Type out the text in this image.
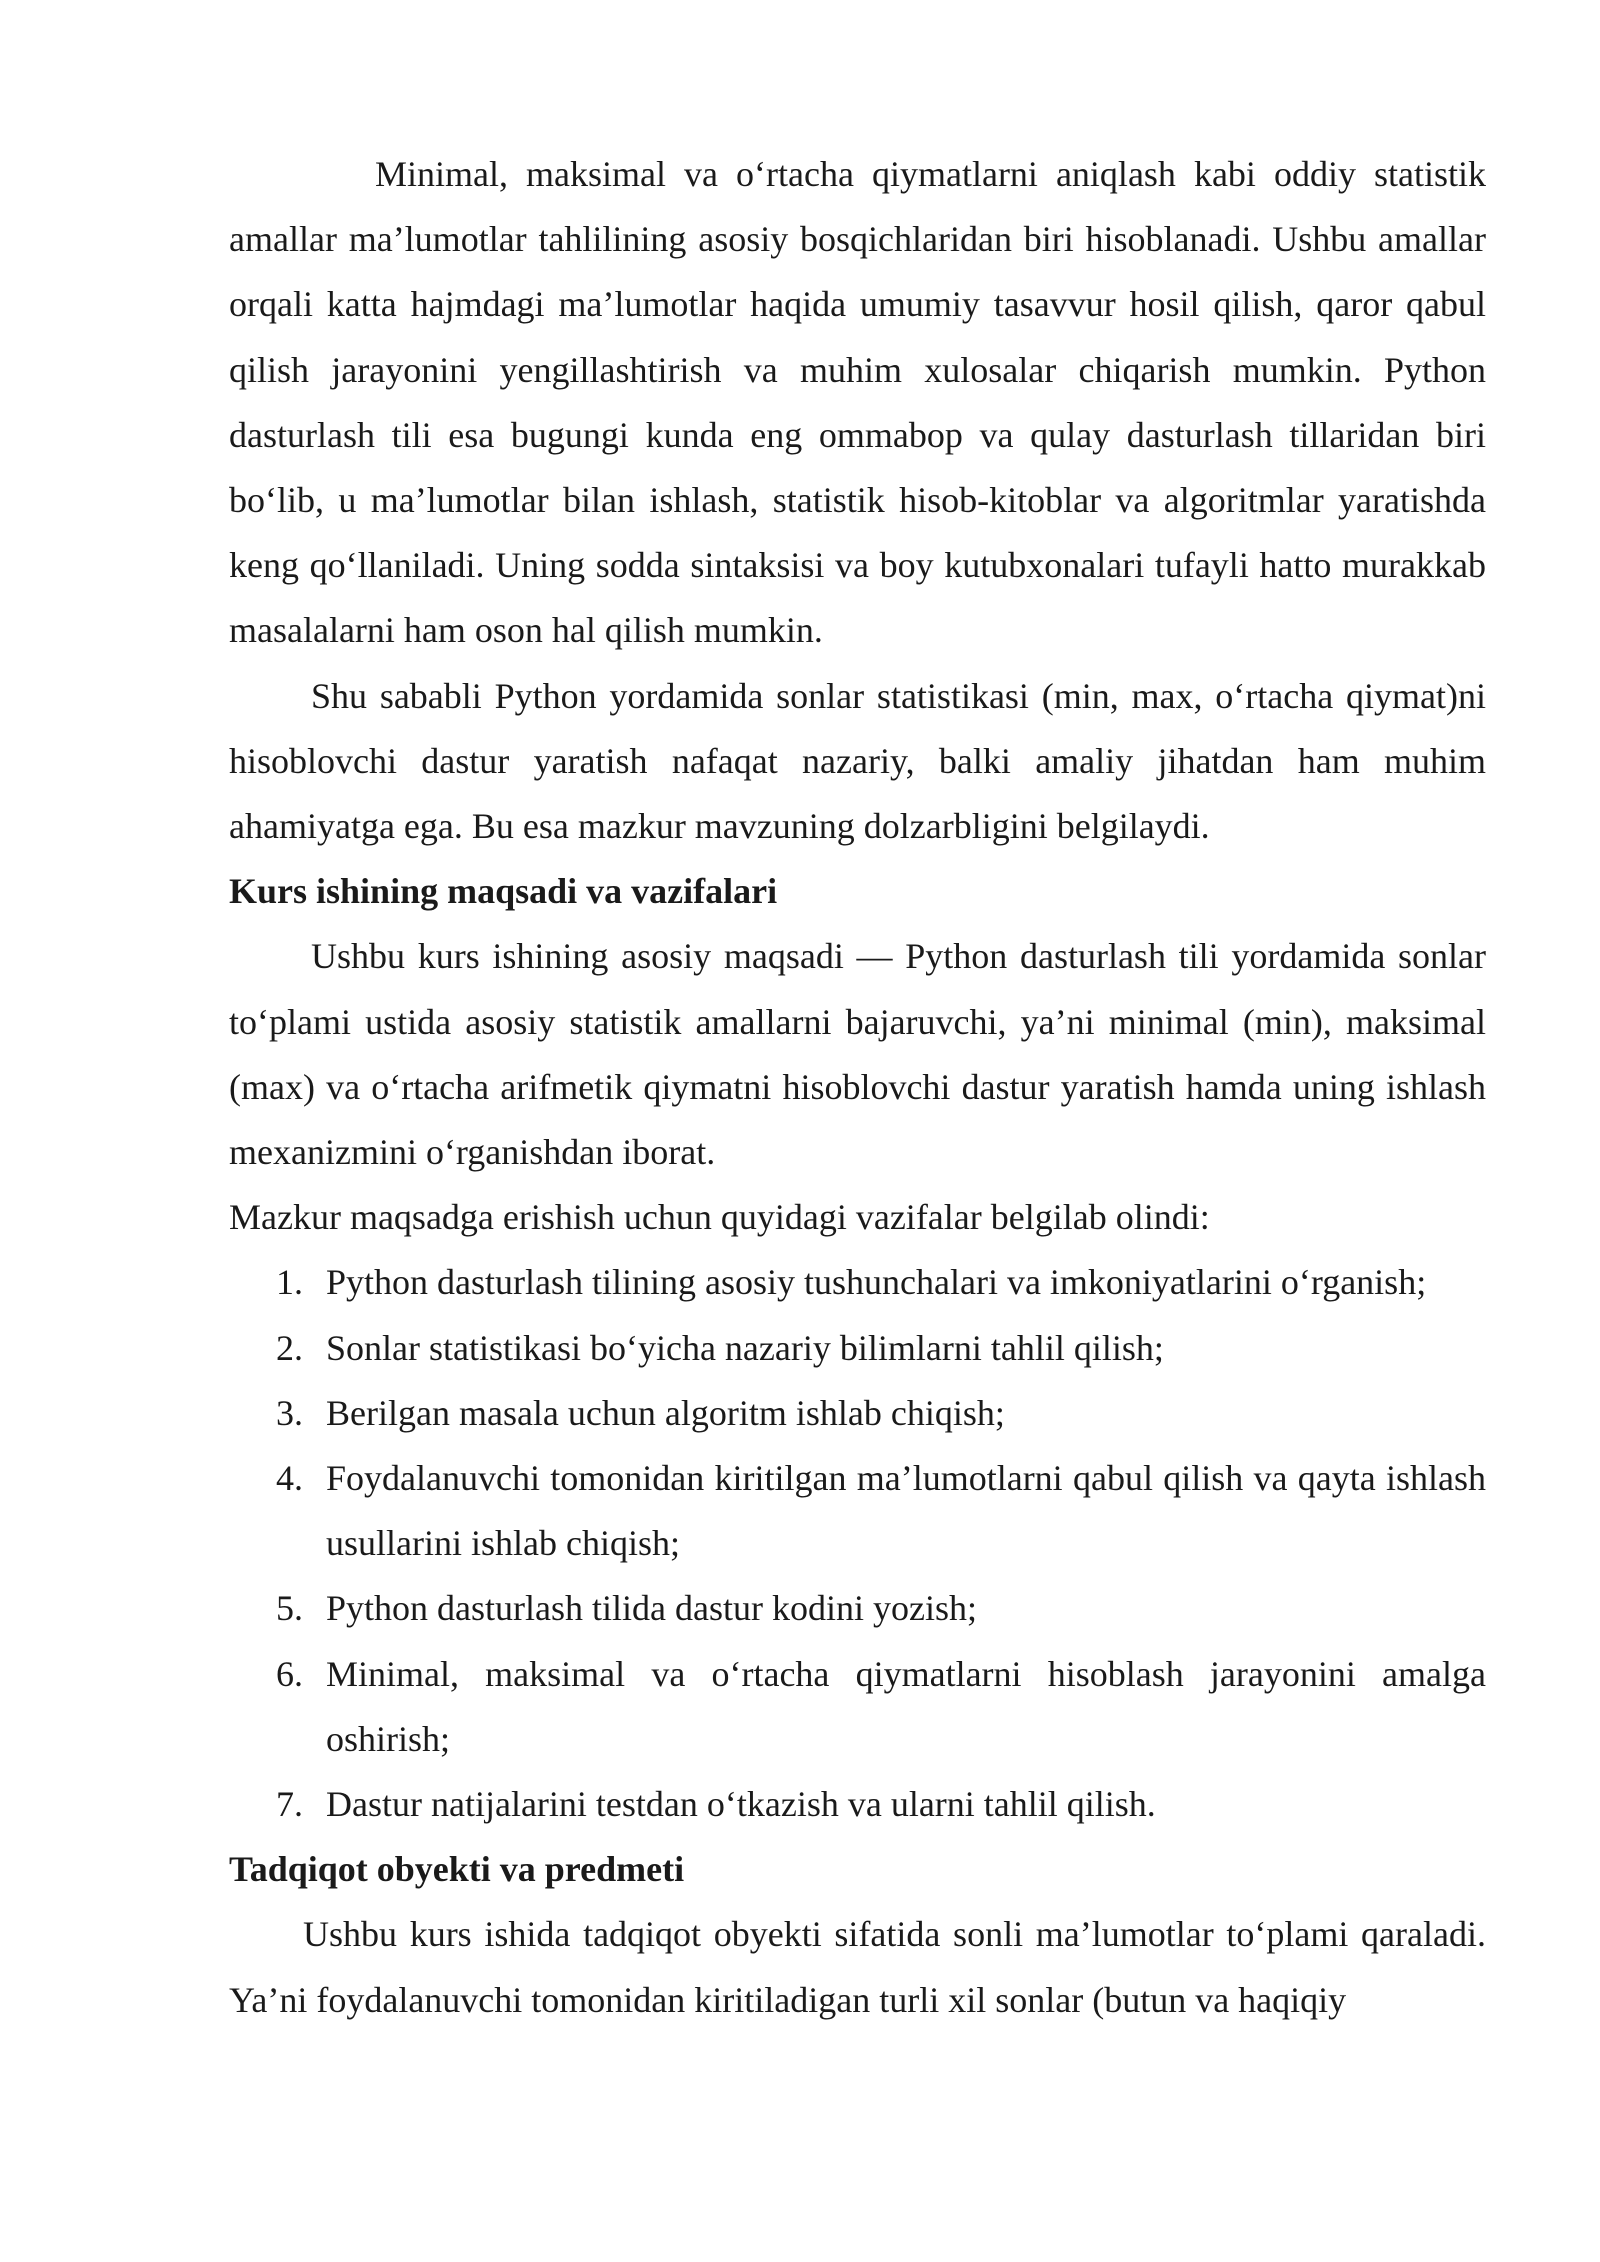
Minimal, maksimal va o‘rtacha qiymatlarni aniqlash kabi oddiy statistik amallar ma’lumotlar tahlilining asosiy bosqichlaridan biri hisoblanadi. Ushbu amallar orqali katta hajmdagi ma’lumotlar haqida umumiy tasavvur hosil qilish, qaror qabul qilish jarayonini yengillashtirish va muhim xulosalar chiqarish mumkin. Python dasturlash tili esa bugungi kunda eng ommabop va qulay dasturlash tillaridan biri bo‘lib, u ma’lumotlar bilan ishlash, statistik hisob-kitoblar va algoritmlar yaratishda keng qo‘llaniladi. Uning sodda sintaksisi va boy kutubxonalari tufayli hatto murakkab masalalarni ham oson hal qilish mumkin.

Shu sababli Python yordamida sonlar statistikasi (min, max, o‘rtacha qiymat)ni hisoblovchi dastur yaratish nafaqat nazariy, balki amaliy jihatdan ham muhim ahamiyatga ega. Bu esa mazkur mavzuning dolzarbligini belgilaydi.

Kurs ishining maqsadi va vazifalari

Ushbu kurs ishining asosiy maqsadi — Python dasturlash tili yordamida sonlar to‘plami ustida asosiy statistik amallarni bajaruvchi, ya’ni minimal (min), maksimal (max) va o‘rtacha arifmetik qiymatni hisoblovchi dastur yaratish hamda uning ishlash mexanizmini o‘rganishdan iborat.

Mazkur maqsadga erishish uchun quyidagi vazifalar belgilab olindi:

1. Python dasturlash tilining asosiy tushunchalari va imkoniyatlarini o‘rganish;
2. Sonlar statistikasi bo‘yicha nazariy bilimlarni tahlil qilish;
3. Berilgan masala uchun algoritm ishlab chiqish;
4. Foydalanuvchi tomonidan kiritilgan ma’lumotlarni qabul qilish va qayta ishlash usullarini ishlab chiqish;
5. Python dasturlash tilida dastur kodini yozish;
6. Minimal, maksimal va o‘rtacha qiymatlarni hisoblash jarayonini amalga oshirish;
7. Dastur natijalarini testdan o‘tkazish va ularni tahlil qilish.

Tadqiqot obyekti va predmeti

Ushbu kurs ishida tadqiqot obyekti sifatida sonli ma’lumotlar to‘plami qaraladi. Ya’ni foydalanuvchi tomonidan kiritiladigan turli xil sonlar (butun va haqiqiy
